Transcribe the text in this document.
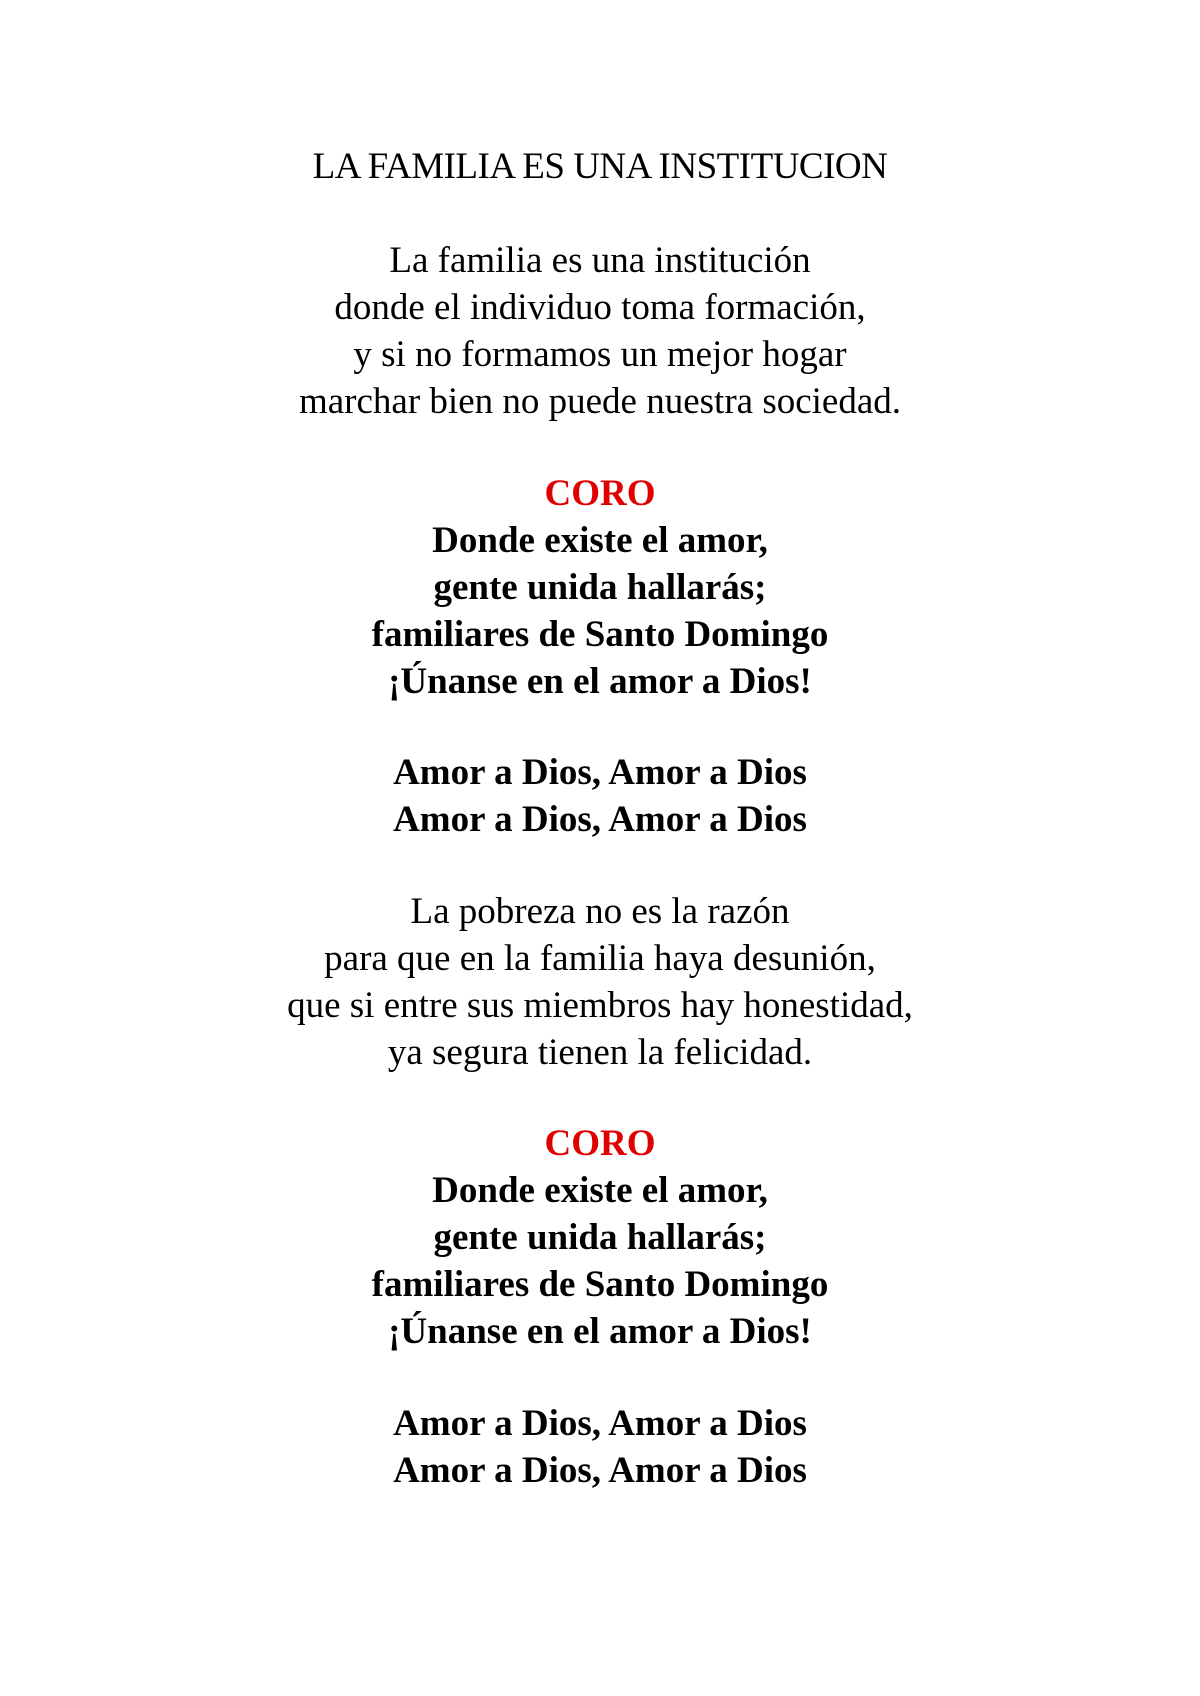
LA FAMILIA ES UNA INSTITUCION
La familia es una institución
donde el individuo toma formación,
y si no formamos un mejor hogar
marchar bien no puede nuestra sociedad.
CORO
Donde existe el amor,
gente unida hallarás;
familiares de Santo Domingo
¡Únanse en el amor a Dios!
Amor a Dios, Amor a Dios
Amor a Dios, Amor a Dios
La pobreza no es la razón
para que en la familia haya desunión,
que si entre sus miembros hay honestidad,
ya segura tienen la felicidad.
CORO
Donde existe el amor,
gente unida hallarás;
familiares de Santo Domingo
¡Únanse en el amor a Dios!
Amor a Dios, Amor a Dios
Amor a Dios, Amor a Dios
